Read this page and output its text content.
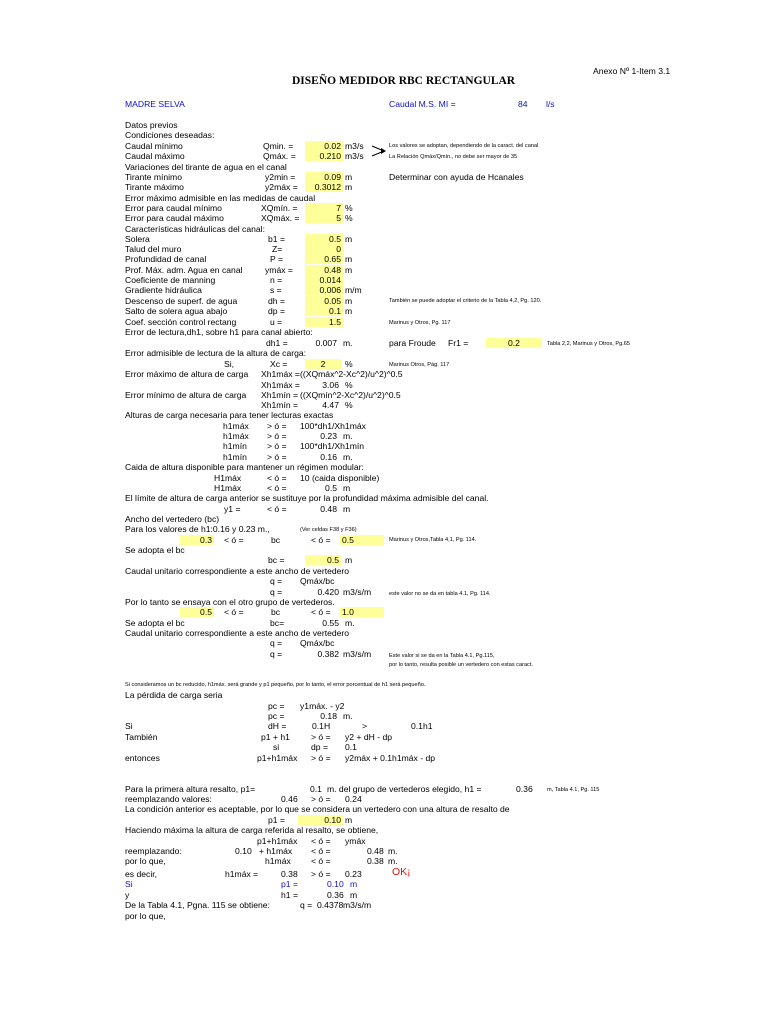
Anexo Nº 1-Item 3.1
DISEÑO MEDIDOR RBC RECTANGULAR
MADRE SELVA	Caudal M.S. MI =	84 l/s
Datos previos
Condiciones deseadas:
Caudal mínimo	Qmin. =	0.02 m3/s	Los valores se adoptan, dependiendo de la caract. del canal
Caudal máximo	Qmáx. =	0.210 m3/s	La Relación Qmáx/Qmín., no debe ser mayor de 35
Variaciones del tirante de agua en el canal
Tirante mínimo	y2min =	0.09 m	Determinar con ayuda de Hcanales
Tirante máximo	y2máx =	0.3012 m
Error máximo admisible en las medidas de caudal
Error para caudal mínimo	XQmín. =	7 %
Error para caudal máximo	XQmáx. =	5 %
Características hidráulicas del canal:
Solera	b1 =	0.5 m
Talud del muro	Z=	0
Profundidad de canal	P =	0.65 m
Prof. Máx. adm. Agua en canal	ymáx =	0.48 m
Coeficiente de manning	n =	0.014
Gradiente hidráulica	s =	0.006 m/m
Descenso de superf. de agua	dh =	0.05 m	También se puede adoptar el criterio de la Tabla 4,2, Pg. 120.
Salto de solera agua abajo	dp =	0.1 m
Coef. sección control rectang	u =	1.5	Marinus y Otros, Pg. 117
Error de lectura,dh1, sobre h1 para canal abierto:
dh1 =	0.007 m.	para Froude Fr1 =	0.2	Tabla 2,2, Marinus y Otros, Pg.65
Error admisible de lectura de la altura de carga:
Si,	Xc =	2	%	Marinus Otros, Pág. 117
Error máximo de altura de carga Xh1máx = ((XQmáx^2-Xc^2)/u^2)^0.5
Xh1máx =	3.06 %
Error mínimo de altura de carga Xh1mín = ((XQmín^2-Xc^2)/u^2)^0.5
Xh1mín =	4.47 %
Alturas de carga necesaria para tener lecturas exactas
h1máx > ó = 100*dh1/Xh1máx
h1máx > ó =	0.23 m.
h1mín > ó = 100*dh1/Xh1mín
h1mín > ó =	0.16 m.
Caida de altura disponible para mantener un régimen modular:
H1máx	< ó = 10 (caida disponible)
H1máx	< ó =	0.5 m
El límite de altura de carga anterior se sustituye por la profundidad máxima admisible del canal.
y1 =	< ó =	0.48 m
Ancho del vertedero (bc)
Para los valores de h1:0.16 y 0.23 m.,	(Ver celdas F38 y F36)
0.3 < ó =	bc	< ó = 0.5	Marinus y Otros,Tabla 4,1, Pg. 114.
Se adopta el bc
bc =	0.5 m
Caudal unitario correspondiente a este ancho de vertedero
q = Qmáx/bc
q =	0.420 m3/s/m	este valor no se da en tabla 4.1, Pg. 114.
Por lo tanto se ensaya con el otro grupo de vertederos.
0.5 < ó =	bc	< ó = 1.0
Se adopta el bc	bc=	0.55 m.
Caudal unitario correspondiente a este ancho de vertedero
q = Qmáx/bc
q =	0.382 m3/s/m	Este valor si se da en la Tabla 4.1, Pg.115,
por lo tanto, resulta posible un vertedero con estas caract.
Si consideramos un bc reducido, h1máx. será grande y p1 pequeño, por lo tanto, el error porcentual de h1 será pequeño.
La pérdida de carga seria
pc = y1máx. - y2
pc =	0.18 m.
Si	dH =	0.1H	>	0.1h1
También	p1 + h1 > ó = y2 + dH - dp
si	dp = 0.1
entonces	p1+h1máx > ó = y2máx + 0.1h1máx - dp
Para la primera altura resalto, p1=	0.1 m. del grupo de vertederos elegido, h1 =	0.36	m, Tabla 4.1, Pg. 115
reemplazando valores:	0.46 > ó = 0.24
La condición anterior es aceptable, por lo que se considera un vertedero con una altura de resalto de
p1 =	0.10 m
Haciendo máxima la altura de carga referida al resalto, se obtiene,
p1+h1máx < ó = ymáx
reemplazando:	0.10 + h1máx < ó =	0.48 m.
por lo que,	h1máx < ó =	0.38 m.
es decir,	h1máx =	0.38 > ó = 0.23	OK¡
Si	p1 =	0.10 m
y	h1 =	0.36 m
De la Tabla 4.1, Pgna. 115 se obtiene:	q = 0.4378 m3/s/m
por lo que,
